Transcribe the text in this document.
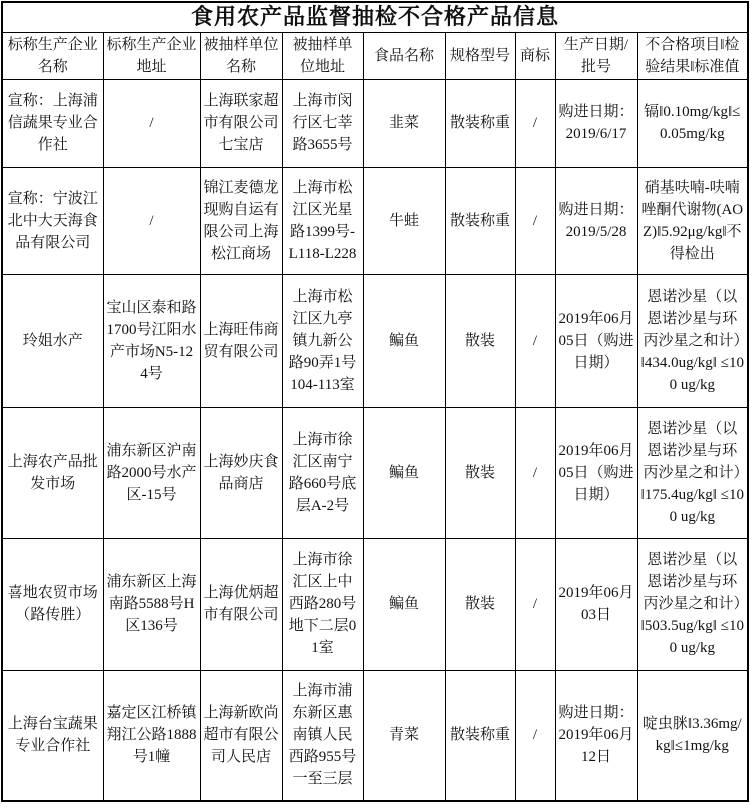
食用农产品监督抽检不合格产品信息								
标称生产企业名称	标称生产企业地址	被抽样单位名称	被抽样单位地址	食品名称	规格型号	商标	生产日期/批号	不合格项目‖检验结果‖标准值
宣称：上海浦信蔬果专业合作社	/	上海联家超市有限公司七宝店	上海市闵行区七莘路3655号	韭菜	散装称重	/	购进日期：2019/6/17	镉‖0.10mg/kg‖≤0.05mg/kg
宣称：宁波江北中大天海食品有限公司	/	锦江麦德龙现购自运有限公司上海松江商场	上海市松江区光星路1399号-L118-L228	牛蛙	散装称重	/	购进日期：2019/5/28	硝基呋喃-呋喃唑酮代谢物(AOZ)‖5.92μg/kg‖不得检出
玲姐水产	宝山区泰和路1700号江阳水产市场N5-124号	上海旺伟商贸有限公司	上海市松江区九亭镇九新公路90弄1号104-113室	鳊鱼	散装	/	2019年06月05日（购进日期）	恩诺沙星（以恩诺沙星与环丙沙星之和计）‖434.0ug/kg‖ ≤100 ug/kg
上海农产品批发市场	浦东新区沪南路2000号水产区-15号	上海妙庆食品商店	上海市徐汇区南宁路660号底层A-2号	鳊鱼	散装	/	2019年06月05日（购进日期）	恩诺沙星（以恩诺沙星与环丙沙星之和计）‖175.4ug/kg‖ ≤100 ug/kg
喜地农贸市场（路传胜）	浦东新区上海南路5588号H区136号	上海优炳超市有限公司	上海市徐汇区上中西路280号地下二层01室	鳊鱼	散装	/	2019年06月03日	恩诺沙星（以恩诺沙星与环丙沙星之和计）‖503.5ug/kg‖ ≤100 ug/kg
上海台宝蔬果专业合作社	嘉定区江桥镇翔江公路1888号1幢	上海新欧尚超市有限公司人民店	上海市浦东新区惠南镇人民西路955号一至三层	青菜	散装称重	/	购进日期：2019年06月12日	啶虫脒‖3.36mg/kg‖≤1mg/kg
